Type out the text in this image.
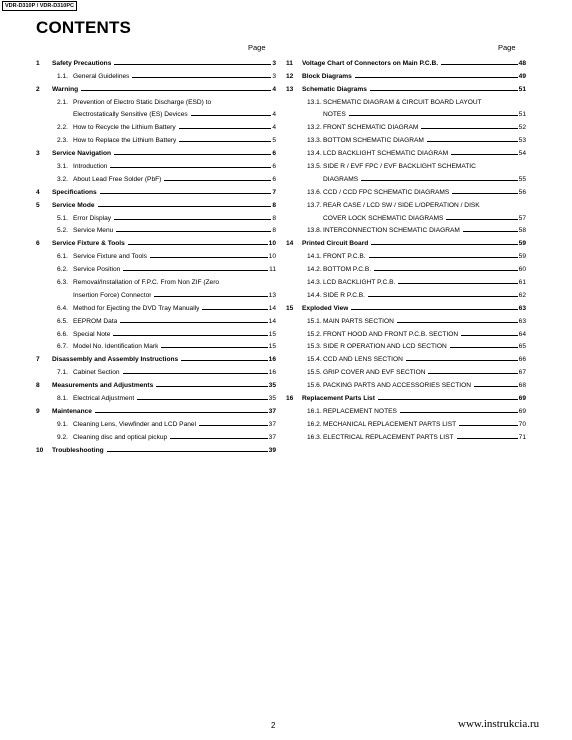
VDR-D310P / VDR-D310PC
CONTENTS
Page	Page
1	Safety Precautions	3
1.1. General Guidelines	3
2	Warning	4
2.1. Prevention of Electro Static Discharge (ESD) to
Electrostatically Sensitive (ES) Devices	4
2.2. How to Recycle the Lithium Battery	4
2.3. How to Replace the Lithium Battery	5
3	Service Navigation	6
3.1. Introduction	6
3.2. About Lead Free Solder (PbF)	6
4	Specifications	7
5	Service Mode	8
5.1. Error Display	8
5.2. Service Menu	8
6	Service Fixture & Tools	10
6.1. Service Fixture and Tools	10
6.2. Service Position	11
6.3. Removal/Installation of F.P.C. From Non ZIF (Zero
Insertion Force) Connector	13
6.4. Method for Ejecting the DVD Tray Manually	14
6.5. EEPROM Data	14
6.6. Special Note	15
6.7. Model No. Identification Mark	15
7	Disassembly and Assembly Instructions	16
7.1. Cabinet Section	16
8	Measurements and Adjustments	35
8.1. Electrical Adjustment	35
9	Maintenance	37
9.1. Cleaning Lens, Viewfinder and LCD Panel	37
9.2. Cleaning disc and optical pickup	37
10	Troubleshooting	39
11	Voltage Chart of Connectors on Main P.C.B.	48
12	Block Diagrams	49
13	Schematic Diagrams	51
13.1. SCHEMATIC DIAGRAM & CIRCUIT BOARD LAYOUT
NOTES	51
13.2. FRONT SCHEMATIC DIAGRAM	52
13.3. BOTTOM SCHEMATIC DIAGRAM	53
13.4. LCD BACKLIGHT SCHEMATIC DIAGRAM	54
13.5. SIDE R / EVF FPC / EVF BACKLIGHT SCHEMATIC
DIAGRAMS	55
13.6. CCD / CCD FPC SCHEMATIC DIAGRAMS	56
13.7. REAR CASE / LCD SW / SIDE L/OPERATION / DISK
COVER LOCK SCHEMATIC DIAGRAMS	57
13.8. INTERCONNECTION SCHEMATIC DIAGRAM	58
14	Printed Circuit Board	59
14.1. FRONT P.C.B.	59
14.2. BOTTOM P.C.B.	60
14.3. LCD BACKLIGHT P.C.B.	61
14.4. SIDE R P.C.B.	62
15	Exploded View	63
15.1. MAIN PARTS SECTION	63
15.2. FRONT HOOD AND FRONT P.C.B. SECTION	64
15.3. SIDE R OPERATION AND LCD SECTION	65
15.4. CCD AND LENS SECTION	66
15.5. GRIP COVER AND EVF SECTION	67
15.6. PACKING PARTS AND ACCESSORIES SECTION	68
16	Replacement Parts List	69
16.1. REPLACEMENT NOTES	69
16.2. MECHANICAL REPLACEMENT PARTS LIST	70
16.3. ELECTRICAL REPLACEMENT PARTS LIST	71
2	www.instrukcia.ru
